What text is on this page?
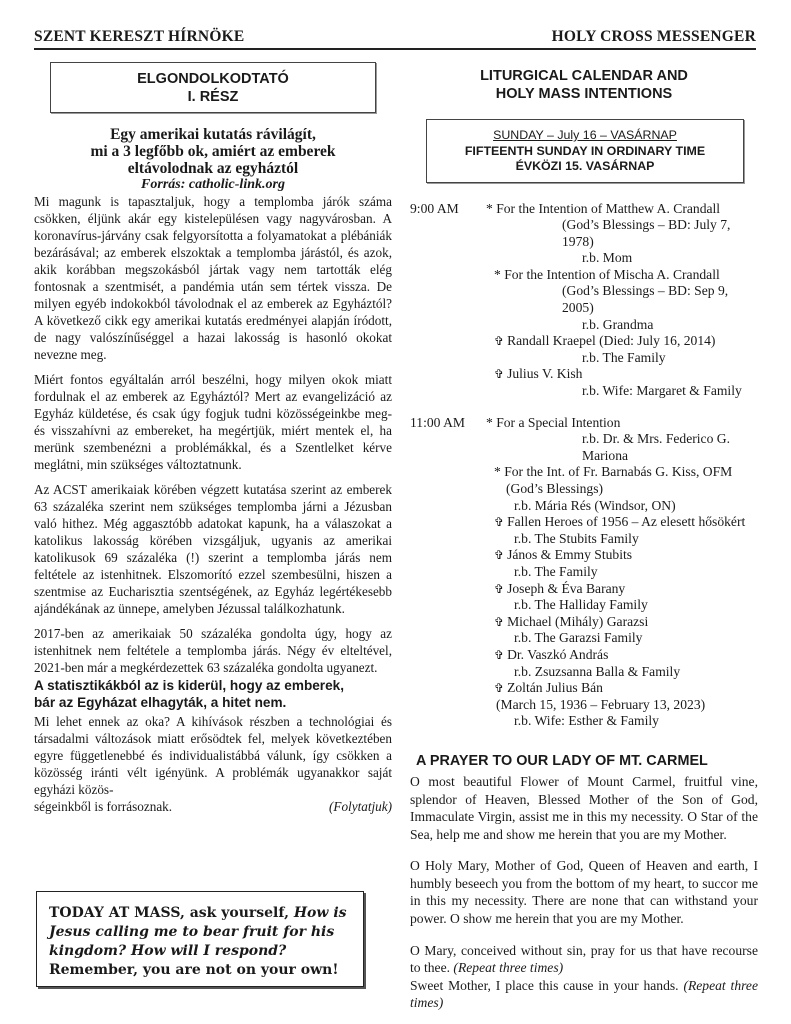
SZENT KERESZT HÍRNÖKE	HOLY CROSS MESSENGER
ELGONDOLKODTATÓ
I. RÉSZ
Egy amerikai kutatás rávilágít,
mi a 3 legfőbb ok, amiért az emberek
eltávolodnak az egyháztól
Forrás: catholic-link.org

Mi magunk is tapasztaljuk, hogy a templomba járók száma csökken, éljünk akár egy kistelepülésen vagy nagyvárosban. A koronavírus-járvány csak felgyorsította a folyamatokat a plébániák bezárásával; az emberek elszoktak a templomba járástól, és azok, akik korábban megszokásból jártak vagy nem tartották elég fontosnak a szentmisét, a pandémia után sem tértek vissza. De milyen egyéb indokokból távolodnak el az emberek az Egyháztól? A következő cikk egy amerikai kutatás eredményei alapján íródott, de nagy valószínűséggel a hazai lakosság is hasonló okokat nevezne meg.

Miért fontos egyáltalán arról beszélni, hogy milyen okok miatt fordulnak el az emberek az Egyháztól? Mert az evangelizáció az Egyház küldetése, és csak úgy fogjuk tudni közösségeinkbe meg- és visszahívni az embereket, ha megértjük, miért mentek el, ha merünk szembenézni a problémákkal, és a Szentlelket kérve meglátni, min szükséges változtatnunk.

Az ACST amerikaiak körében végzett kutatása szerint az emberek 63 százaléka szerint nem szükséges templomba járni a Jézusban való hithez. Még aggasztóbb adatokat kapunk, ha a válaszokat a katolikus lakosság körében vizsgáljuk, ugyanis az amerikai katolikusok 69 százaléka (!) szerint a templomba járás nem feltétele az istenhitnek. Elszomorító ezzel szembesülni, hiszen a szentmise az Eucharisztia szentségének, az Egyház legértékesebb ajándékának az ünnepe, amelyben Jézussal találkozhatunk.

2017-ben az amerikaiak 50 százaléka gondolta úgy, hogy az istenhitnek nem feltétele a templomba járás. Négy év elteltével, 2021-ben már a megkérdezettek 63 százaléka gondolta ugyanezt.

A statisztikákból az is kiderül, hogy az emberek,
bár az Egyházat elhagyták, a hitet nem.

Mi lehet ennek az oka? A kihívások részben a technológiai és társadalmi változások miatt erősödtek fel, melyek következtében egyre függetlenebbé és individualistábbá válunk, így csökken a közösség iránti vélt igényünk. A problémák ugyanakkor saját egyházi közös-

ségeinkből is forrásoznak.	(Folytatjuk)
TODAY AT MASS, ask yourself, How is Jesus calling me to bear fruit for his kingdom? How will I respond? Remember, you are not on your own!
LITURGICAL CALENDAR AND
HOLY MASS INTENTIONS
SUNDAY – July 16 – VASÁRNAP
FIFTEENTH SUNDAY IN ORDINARY TIME
ÉVKÖZI 15. VASÁRNAP
9:00 AM	* For the Intention of Matthew A. Crandall
(God’s Blessings – BD: July 7, 1978)
r.b. Mom
* For the Intention of Mischa A. Crandall
(God’s Blessings – BD: Sep 9, 2005)
r.b. Grandma
✞ Randall Kraepel (Died: July 16, 2014)
r.b. The Family
✞ Julius V. Kish
r.b. Wife: Margaret & Family
11:00 AM	* For a Special Intention
r.b. Dr. & Mrs. Federico G. Mariona
* For the Int. of Fr. Barnabás G. Kiss, OFM
(God’s Blessings)
r.b. Mária Rés (Windsor, ON)
✞ Fallen Heroes of 1956 – Az elesett hősökért
r.b. The Stubits Family
✞ János & Emmy Stubits
r.b. The Family
✞ Joseph & Éva Barany
r.b. The Halliday Family
✞ Michael (Mihály) Garazsi
r.b. The Garazsi Family
✞ Dr. Vaszkó András
r.b. Zsuzsanna Balla & Family
✞ Zoltán Julius Bán
(March 15, 1936 – February 13, 2023)
r.b. Wife: Esther & Family
A PRAYER TO OUR LADY OF MT. CARMEL

O most beautiful Flower of Mount Carmel, fruitful vine, splendor of Heaven, Blessed Mother of the Son of God, Immaculate Virgin, assist me in this my necessity. O Star of the Sea, help me and show me herein that you are my Mother.

O Holy Mary, Mother of God, Queen of Heaven and earth, I humbly beseech you from the bottom of my heart, to succor me in this my necessity. There are none that can withstand your power. O show me herein that you are my Mother.

O Mary, conceived without sin, pray for us that have recourse to thee. (Repeat three times)

Sweet Mother, I place this cause in your hands. (Repeat three times)
